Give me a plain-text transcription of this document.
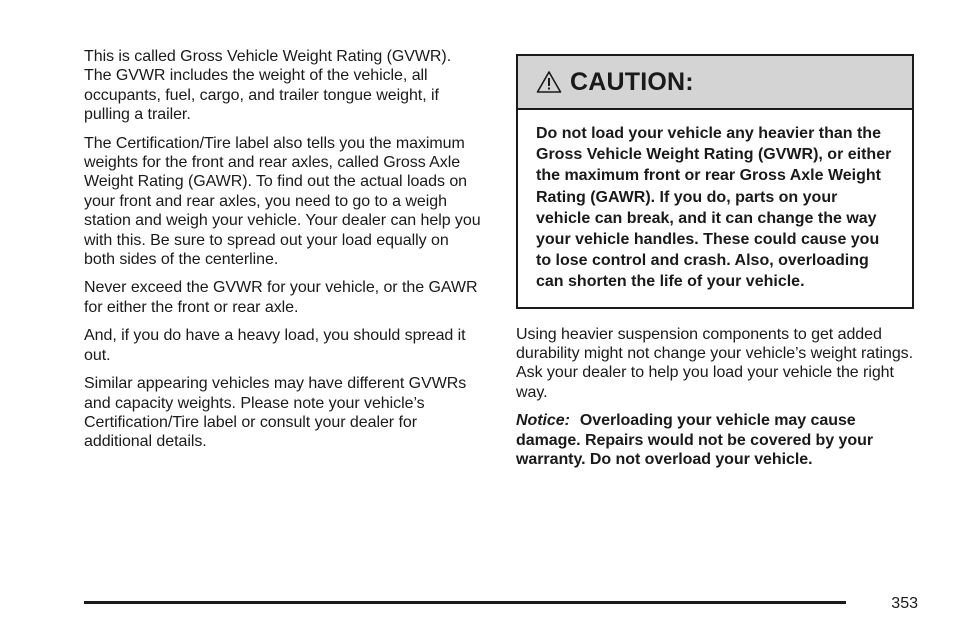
This is called Gross Vehicle Weight Rating (GVWR). The GVWR includes the weight of the vehicle, all occupants, fuel, cargo, and trailer tongue weight, if pulling a trailer.

The Certification/Tire label also tells you the maximum weights for the front and rear axles, called Gross Axle Weight Rating (GAWR). To find out the actual loads on your front and rear axles, you need to go to a weigh station and weigh your vehicle. Your dealer can help you with this. Be sure to spread out your load equally on both sides of the centerline.

Never exceed the GVWR for your vehicle, or the GAWR for either the front or rear axle.

And, if you do have a heavy load, you should spread it out.

Similar appearing vehicles may have different GVWRs and capacity weights. Please note your vehicle’s Certification/Tire label or consult your dealer for additional details.

CAUTION:
Do not load your vehicle any heavier than the Gross Vehicle Weight Rating (GVWR), or either the maximum front or rear Gross Axle Weight Rating (GAWR). If you do, parts on your vehicle can break, and it can change the way your vehicle handles. These could cause you to lose control and crash. Also, overloading can shorten the life of your vehicle.

Using heavier suspension components to get added durability might not change your vehicle’s weight ratings. Ask your dealer to help you load your vehicle the right way.

Notice: Overloading your vehicle may cause damage. Repairs would not be covered by your warranty. Do not overload your vehicle.

353
